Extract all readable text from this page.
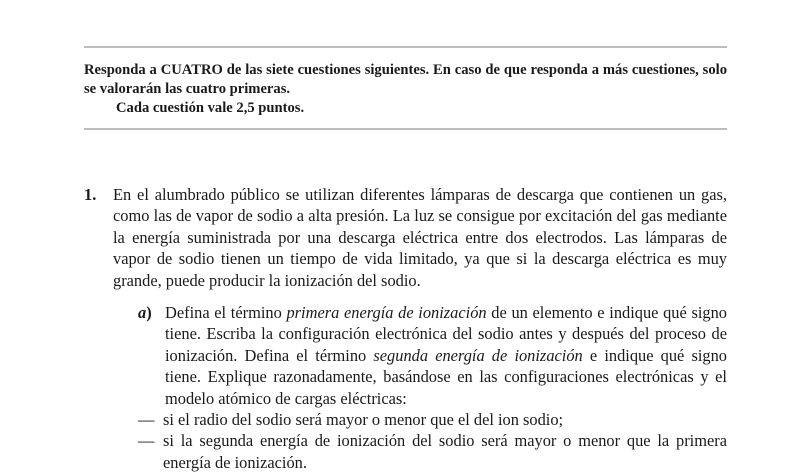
Responda a CUATRO de las siete cuestiones siguientes. En caso de que responda a más cuestiones, solo se valorarán las cuatro primeras.
Cada cuestión vale 2,5 puntos.
1. En el alumbrado público se utilizan diferentes lámparas de descarga que contienen un gas, como las de vapor de sodio a alta presión. La luz se consigue por excitación del gas mediante la energía suministrada por una descarga eléctrica entre dos electrodos. Las lámparas de vapor de sodio tienen un tiempo de vida limitado, ya que si la descarga eléctrica es muy grande, puede producir la ionización del sodio.
a) Defina el término primera energía de ionización de un elemento e indique qué signo tiene. Escriba la configuración electrónica del sodio antes y después del proceso de ionización. Defina el término segunda energía de ionización e indique qué signo tiene. Explique razonadamente, basándose en las configuraciones electrónicas y el modelo atómico de cargas eléctricas:
— si el radio del sodio será mayor o menor que el del ion sodio;
— si la segunda energía de ionización del sodio será mayor o menor que la primera energía de ionización.
